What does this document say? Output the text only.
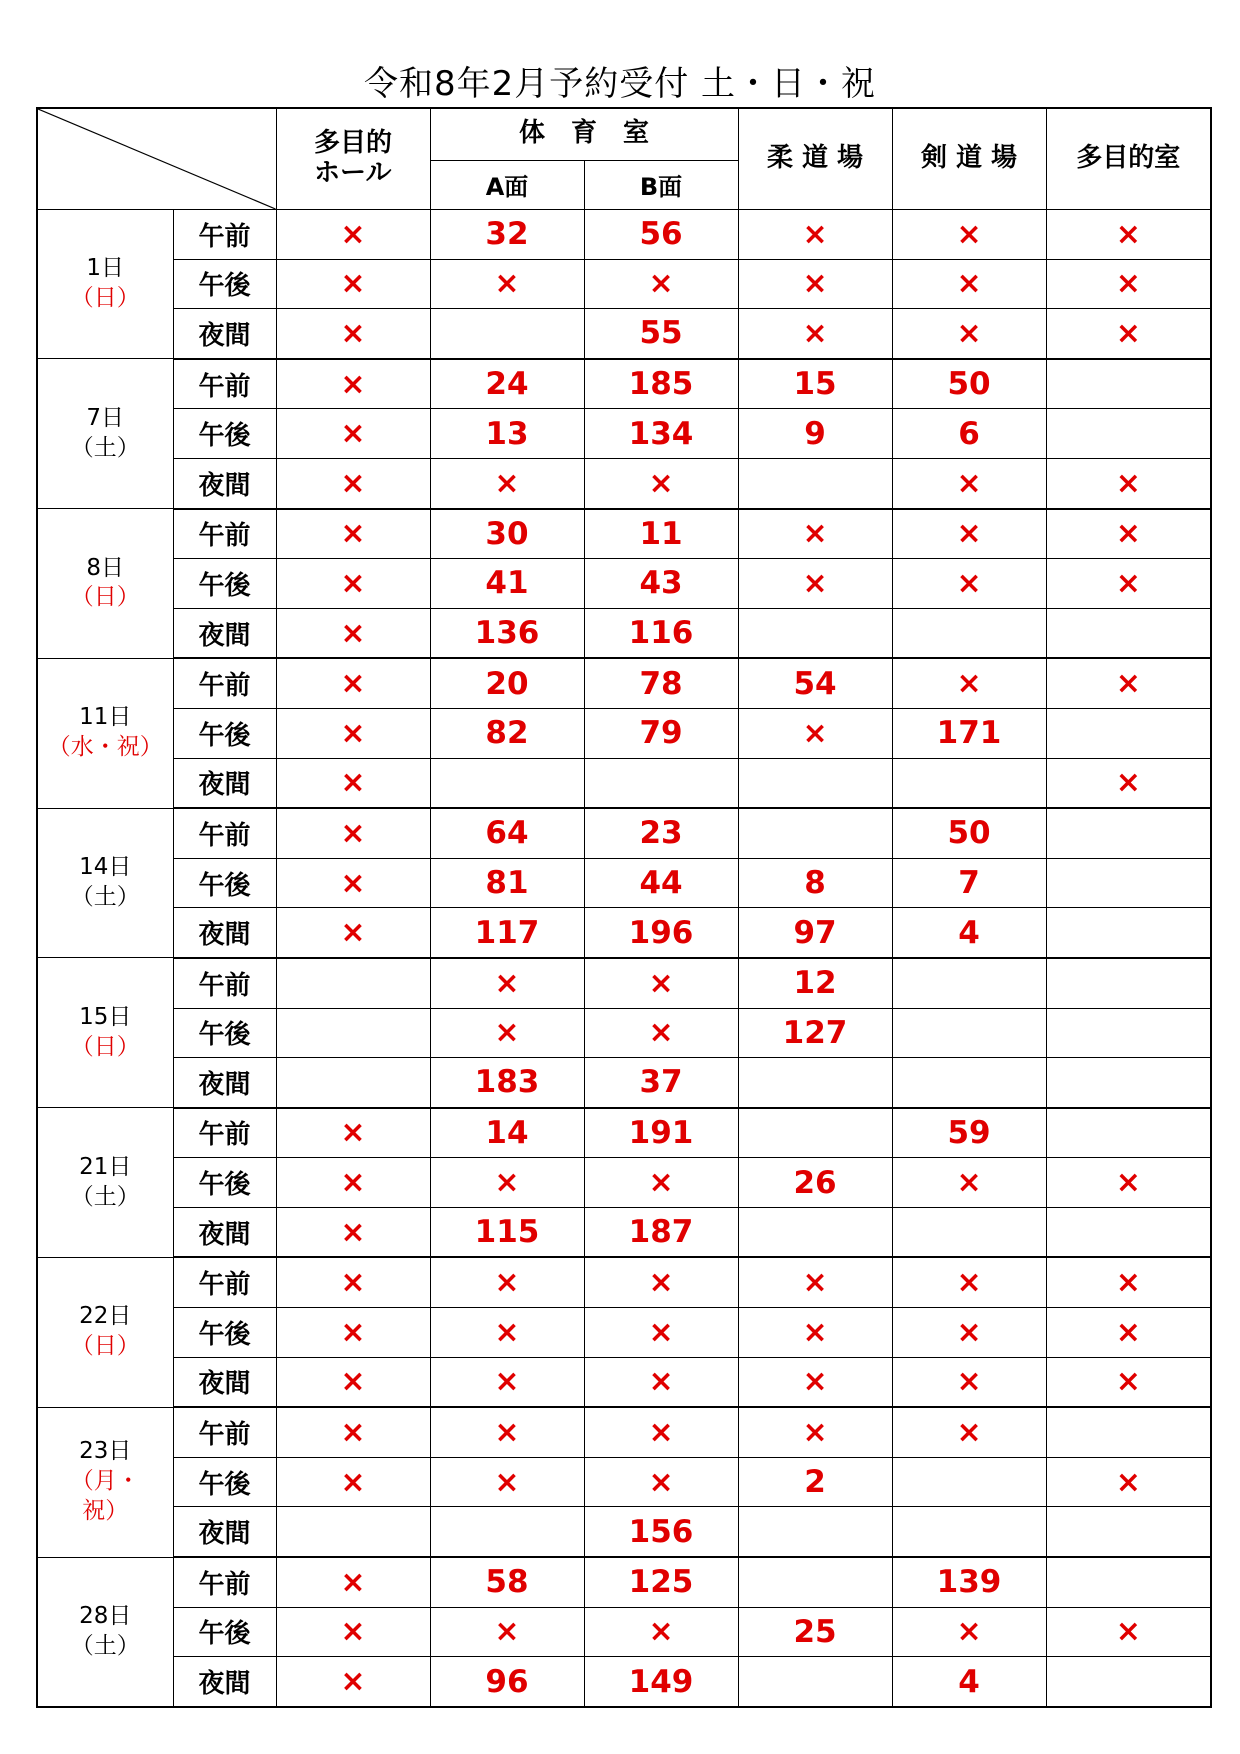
令和8年2月予約受付 土・日・祝
	多目的
ホール	体　育　室		柔 道 場	剣 道 場	多目的室
			A面	B面			

1日
（日）	午前	×	32	56	×	×	×
	午後	×	×	×	×	×	×
	夜間	×		55	×	×	×

7日
（土）	午前	×	24	185	15	50	
	午後	×	13	134	9	6	
	夜間	×	×	×		×	×

8日
（日）	午前	×	30	11	×	×	×
	午後	×	41	43	×	×	×
	夜間	×	136	116			

11日
（水・祝）	午前	×	20	78	54	×	×
	午後	×	82	79	×	171	
	夜間	×					×

14日
（土）	午前	×	64	23		50	
	午後	×	81	44	8	7	
	夜間	×	117	196	97	4	

15日
（日）	午前		×	×	12		
	午後		×	×	127		
	夜間		183	37			

21日
（土）	午前	×	14	191		59	
	午後	×	×	×	26	×	×
	夜間	×	115	187			

22日
（日）	午前	×	×	×	×	×	×
	午後	×	×	×	×	×	×
	夜間	×	×	×	×	×	×

23日
（月・
祝）	午前	×	×	×	×	×	
	午後	×	×	×	2		×
	夜間			156			

28日
（土）	午前	×	58	125		139	
	午後	×	×	×	25	×	×
	夜間	×	96	149		4	
